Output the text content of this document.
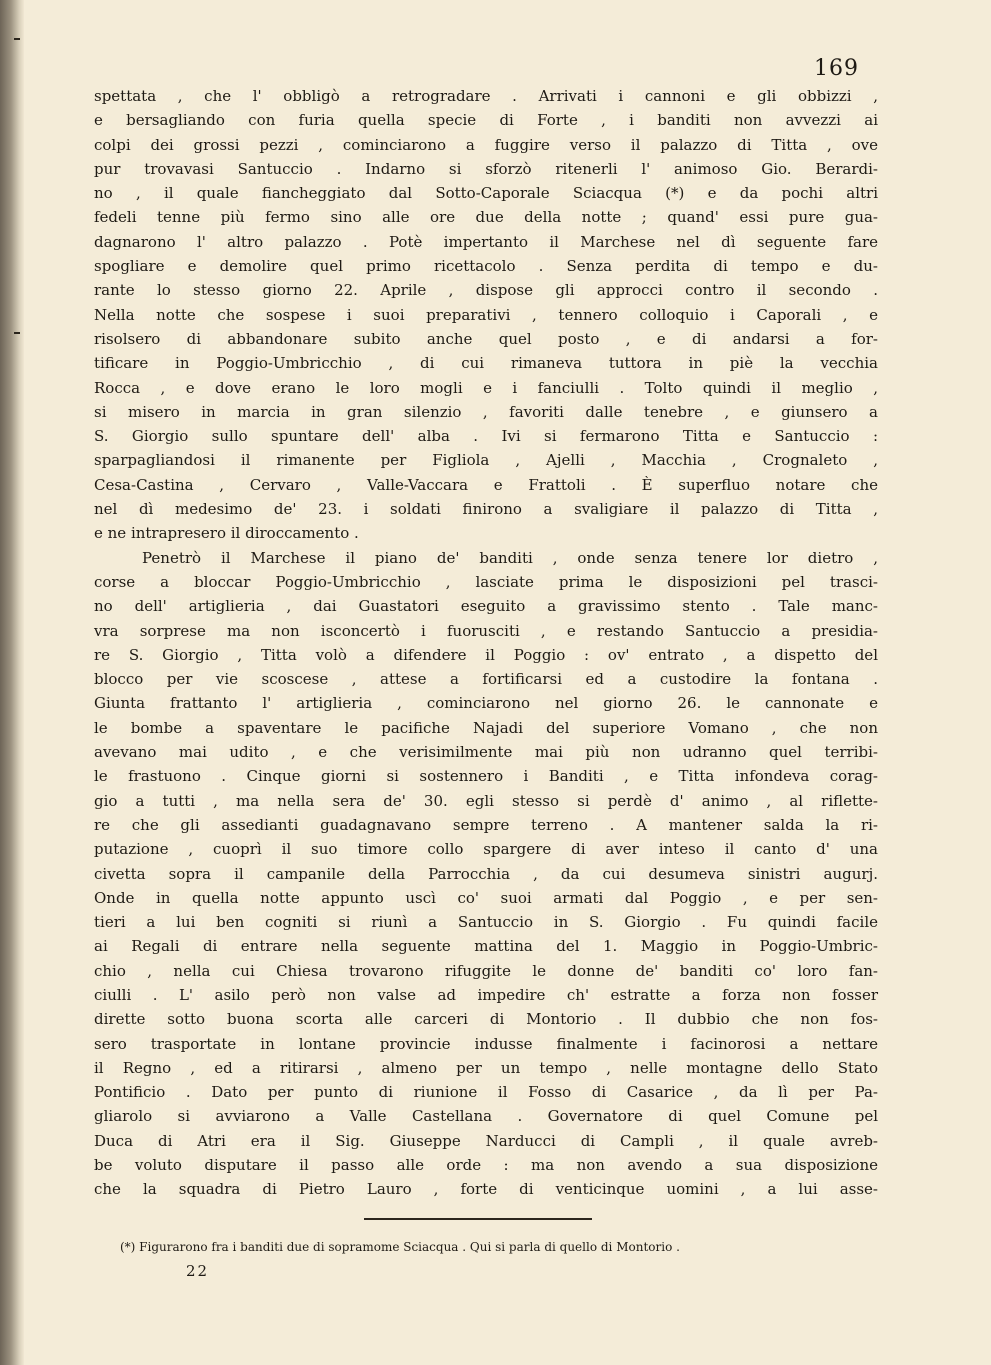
169
spettata , che l' obbligò a retrogradare . Arrivati i cannoni e gli obbizzi ,
e bersagliando con furia quella specie di Forte , i banditi non avvezzi ai
colpi dei grossi pezzi , cominciarono a fuggire verso il palazzo di Titta , ove
pur trovavasi Santuccio . Indarno si sforzò ritenerli l' animoso Gio. Berardi-
no , il quale fiancheggiato dal Sotto-Caporale Sciacqua (*) e da pochi altri
fedeli tenne più fermo sino alle ore due della notte ; quand' essi pure gua-
dagnarono l' altro palazzo . Potè impertanto il Marchese nel dì seguente fare
spogliare e demolire quel primo ricettacolo . Senza perdita di tempo e du-
rante lo stesso giorno 22. Aprile , dispose gli approcci contro il secondo .
Nella notte che sospese i suoi preparativi , tennero colloquio i Caporali , e
risolsero di abbandonare subito anche quel posto , e di andarsi a for-
tificare in Poggio-Umbricchio , di cui rimaneva tuttora in piè la vecchia
Rocca , e dove erano le loro mogli e i fanciulli . Tolto quindi il meglio ,
si misero in marcia in gran silenzio , favoriti dalle tenebre , e giunsero a
S. Giorgio sullo spuntare dell' alba . Ivi si fermarono Titta e Santuccio :
sparpagliandosi il rimanente per Figliola , Ajelli , Macchia , Crognaleto ,
Cesa-Castina , Cervaro , Valle-Vaccara e Frattoli . È superfluo notare che
nel dì medesimo de' 23. i soldati finirono a svaligiare il palazzo di Titta ,
e ne intrapresero il diroccamento .
Penetrò il Marchese il piano de' banditi , onde senza tenere lor dietro ,
corse a bloccar Poggio-Umbricchio , lasciate prima le disposizioni pel trasci-
no dell' artiglieria , dai Guastatori eseguito a gravissimo stento . Tale manc-
vra sorprese ma non isconcertò i fuorusciti , e restando Santuccio a presidia-
re S. Giorgio , Titta volò a difendere il Poggio : ov' entrato , a dispetto del
blocco per vie scoscese , attese a fortificarsi ed a custodire la fontana .
Giunta frattanto l' artiglieria , cominciarono nel giorno 26. le cannonate e
le bombe a spaventare le pacifiche Najadi del superiore Vomano , che non
avevano mai udito , e che verisimilmente mai più non udranno quel terribi-
le frastuono . Cinque giorni si sostennero i Banditi , e Titta infondeva corag-
gio a tutti , ma nella sera de' 30. egli stesso si perdè d' animo , al riflette-
re che gli assedianti guadagnavano sempre terreno . A mantener salda la ri-
putazione , cuoprì il suo timore collo spargere di aver inteso il canto d' una
civetta sopra il campanile della Parrocchia , da cui desumeva sinistri augurj.
Onde in quella notte appunto uscì co' suoi armati dal Poggio , e per sen-
tieri a lui ben cogniti si riunì a Santuccio in S. Giorgio . Fu quindi facile
ai Regali di entrare nella seguente mattina del 1. Maggio in Poggio-Umbric-
chio , nella cui Chiesa trovarono rifuggite le donne de' banditi co' loro fan-
ciulli . L' asilo però non valse ad impedire ch' estratte a forza non fosser
dirette sotto buona scorta alle carceri di Montorio . Il dubbio che non fos-
sero trasportate in lontane provincie indusse finalmente i facinorosi a nettare
il Regno , ed a ritirarsi , almeno per un tempo , nelle montagne dello Stato
Pontificio . Dato per punto di riunione il Fosso di Casarice , da lì per Pa-
gliarolo si avviarono a Valle Castellana . Governatore di quel Comune pel
Duca di Atri era il Sig. Giuseppe Narducci di Campli , il quale avreb-
be voluto disputare il passo alle orde : ma non avendo a sua disposizione
che la squadra di Pietro Lauro , forte di venticinque uomini , a lui asse-
(*) Figurarono fra i banditi due di sopramome Sciacqua . Qui si parla di quello di Montorio .
22
